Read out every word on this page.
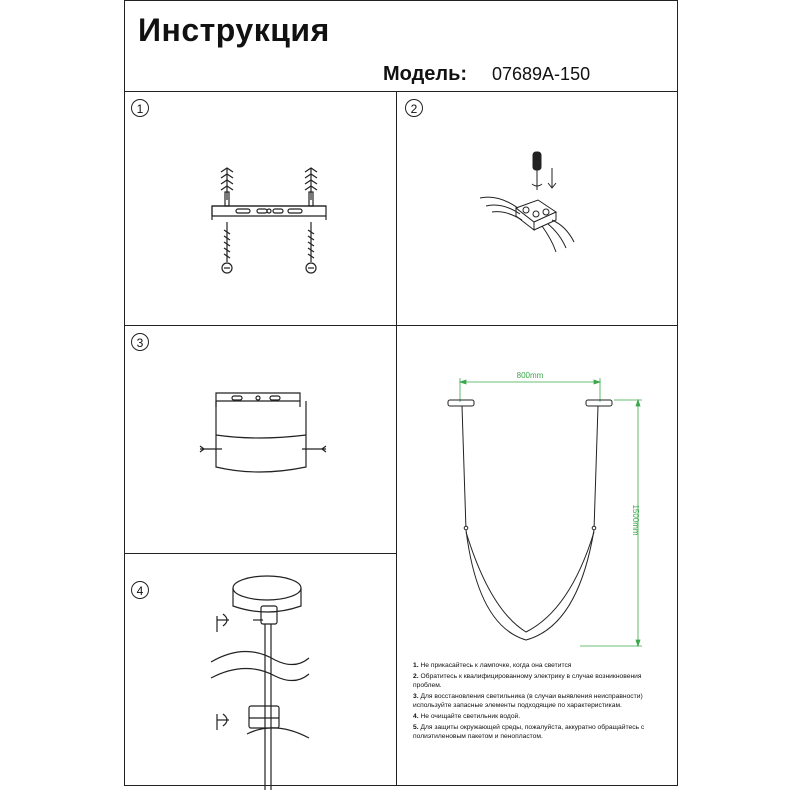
Инструкция
Модель: 07689A-150
1	2
3
4
800mm
1500mm
1. Не прикасайтесь к лампочке, когда она светится
2. Обратитесь к квалифицированному электрику в случае возникновения проблем.
3. Для восстановления светильника (в случаи выявления неисправности) используйте запасные элементы подходящие по характеристикам.
4. Не очищайте светильник водой.
5. Для защиты окружающей среды, пожалуйста, аккуратно обращайтесь с полиэтиленовым пакетом и пенопластом.
